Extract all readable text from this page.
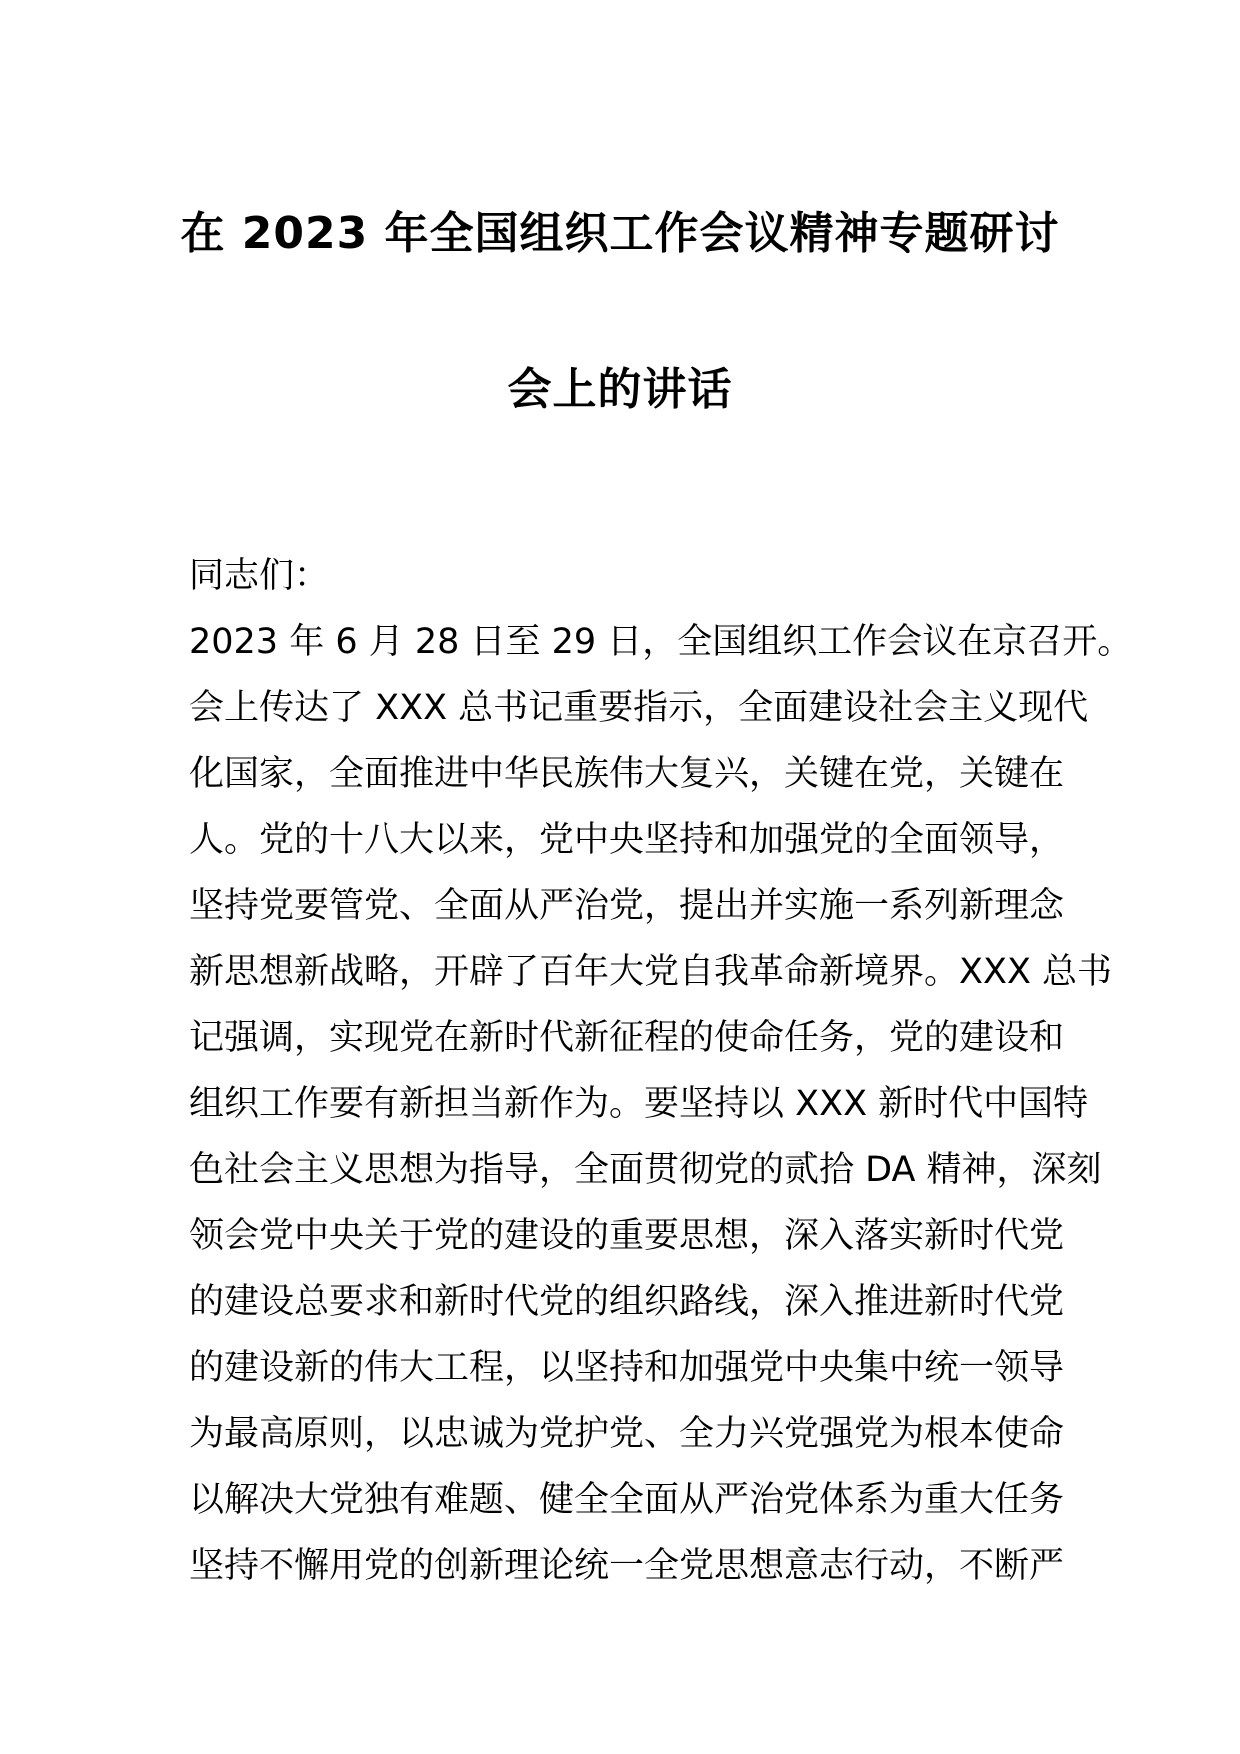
在 2023 年全国组织工作会议精神专题研讨
会上的讲话
同志们：
2023 年 6 月 28 日至 29 日，全国组织工作会议在京召开。
会上传达了 XXX 总书记重要指示，全面建设社会主义现代
化国家，全面推进中华民族伟大复兴，关键在党，关键在
人。党的十八大以来，党中央坚持和加强党的全面领导，
坚持党要管党、全面从严治党，提出并实施一系列新理念
新思想新战略，开辟了百年大党自我革命新境界。XXX 总书
记强调，实现党在新时代新征程的使命任务，党的建设和
组织工作要有新担当新作为。要坚持以 XXX 新时代中国特
色社会主义思想为指导，全面贯彻党的贰拾 DA 精神，深刻
领会党中央关于党的建设的重要思想，深入落实新时代党
的建设总要求和新时代党的组织路线，深入推进新时代党
的建设新的伟大工程，以坚持和加强党中央集中统一领导
为最高原则，以忠诚为党护党、全力兴党强党为根本使命
以解决大党独有难题、健全全面从严治党体系为重大任务
坚持不懈用党的创新理论统一全党思想意志行动，不断严
